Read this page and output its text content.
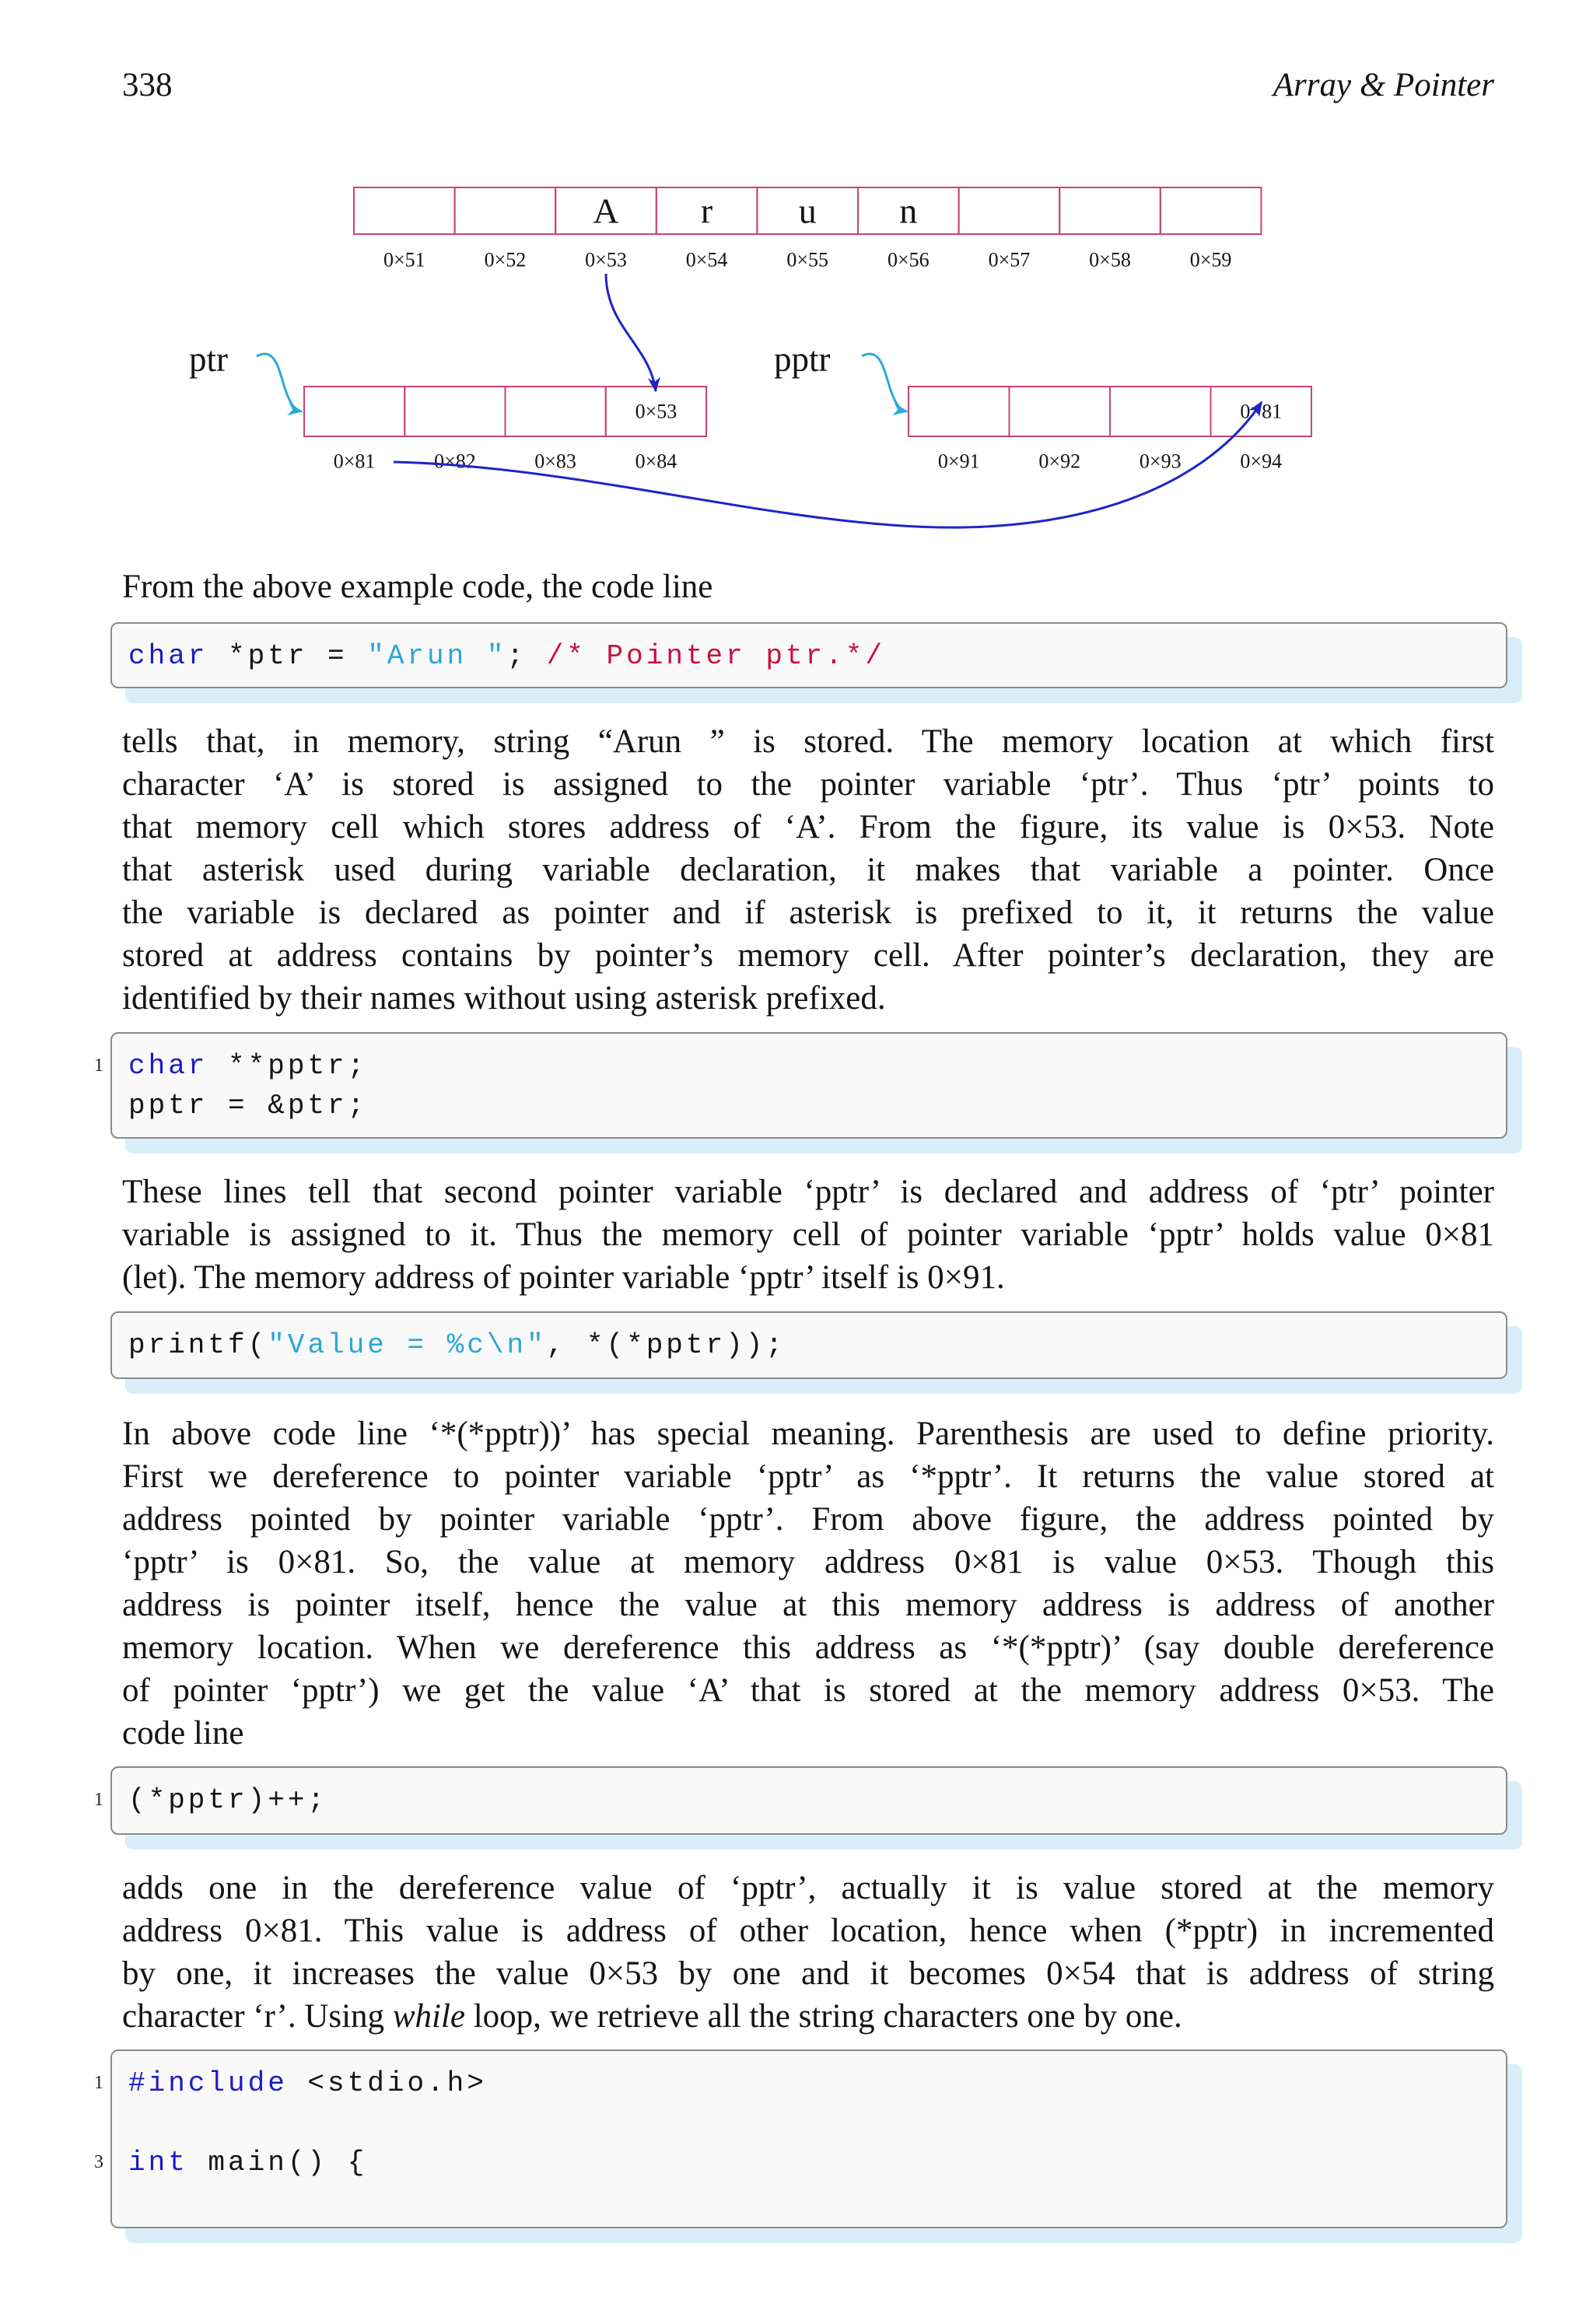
338	Array & Pointer
A r u n
0×51	0×52	0×53	0×54	0×55	0×56	0×57	0×58	0×59
ptr
0×53
0×81	0×82	0×83	0×84
pptr
0×81
0×91	0×92	0×93	0×94
From the above example code, the code line
char *ptr = "Arun "; /* Pointer ptr.*/
tells that, in memory, string “Arun ” is stored. The memory location at which first
character ‘A’ is stored is assigned to the pointer variable ‘ptr’. Thus ‘ptr’ points to
that memory cell which stores address of ‘A’. From the figure, its value is 0×53. Note
that asterisk used during variable declaration, it makes that variable a pointer. Once
the variable is declared as pointer and if asterisk is prefixed to it, it returns the value
stored at address contains by pointer’s memory cell. After pointer’s declaration, they are
identified by their names without using asterisk prefixed.
1 char **pptr;
pptr = &ptr;
These lines tell that second pointer variable ‘pptr’ is declared and address of ‘ptr’ pointer
variable is assigned to it. Thus the memory cell of pointer variable ‘pptr’ holds value 0×81
(let). The memory address of pointer variable ‘pptr’ itself is 0×91.
printf("Value = %c\n", *(*pptr));
In above code line ‘*(*pptr))’ has special meaning. Parenthesis are used to define priority.
First we dereference to pointer variable ‘pptr’ as ‘*pptr’. It returns the value stored at
address pointed by pointer variable ‘pptr’. From above figure, the address pointed by
‘pptr’ is 0×81. So, the value at memory address 0×81 is value 0×53. Though this
address is pointer itself, hence the value at this memory address is address of another
memory location. When we dereference this address as ‘*(*pptr)’ (say double dereference
of pointer ‘pptr’) we get the value ‘A’ that is stored at the memory address 0×53. The
code line
1 (*pptr)++;
adds one in the dereference value of ‘pptr’, actually it is value stored at the memory
address 0×81. This value is address of other location, hence when (*pptr) in incremented
by one, it increases the value 0×53 by one and it becomes 0×54 that is address of string
character ‘r’. Using while loop, we retrieve all the string characters one by one.
1 #include <stdio.h>
3 int main() {
